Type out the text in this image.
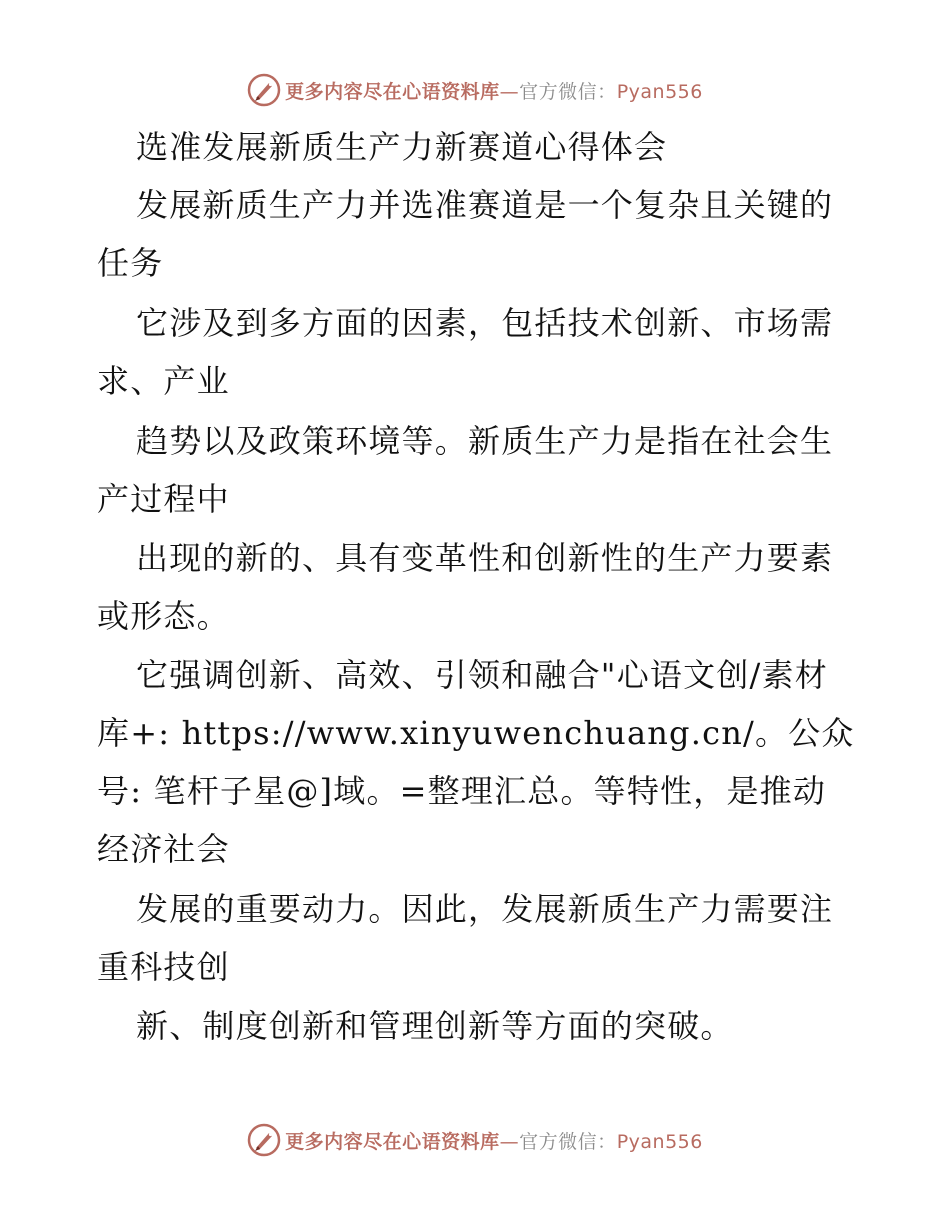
更多内容尽在心语资料库—官方微信：Pyan556
选准发展新质生产力新赛道心得体会
发展新质生产力并选准赛道是一个复杂且关键的
任务
它涉及到多方面的因素，包括技术创新、市场需
求、产业
趋势以及政策环境等。新质生产力是指在社会生
产过程中
出现的新的、具有变革性和创新性的生产力要素
或形态。
它强调创新、高效、引领和融合"心语文创/素材
库+: https://www.xinyuwenchuang.cn/。公众
号: 笔杆子星@]域。=整理汇总。等特性，是推动
经济社会
发展的重要动力。因此，发展新质生产力需要注
重科技创
新、制度创新和管理创新等方面的突破。
更多内容尽在心语资料库—官方微信：Pyan556
